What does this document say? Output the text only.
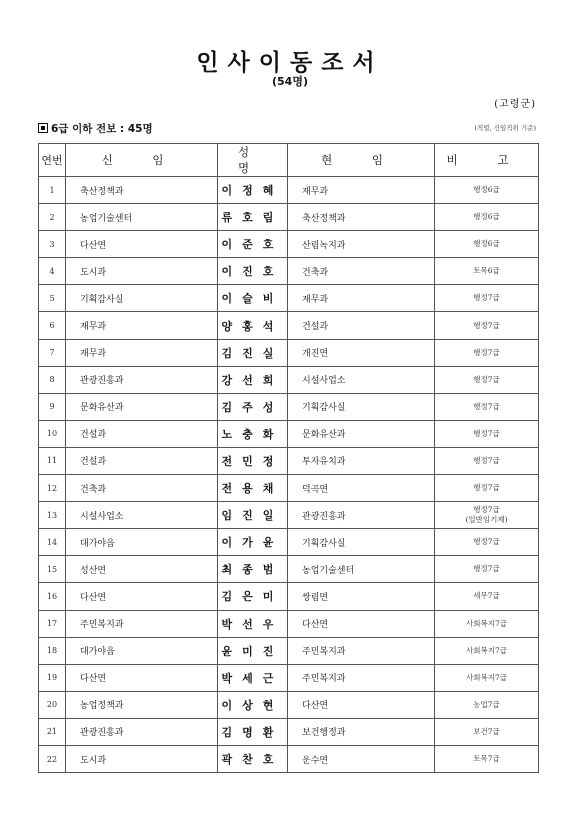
인사이동조서
(54명)
(고령군)
6급 이하 전보 : 45명	(직렬, 신임직위 기준)
연번	신 임	성 명	현 임	비 고
1	축산정책과	이정혜	재무과	행정6급
2	농업기술센터	류호림	축산정책과	행정6급
3	다산면	이준호	산림녹지과	행정6급
4	도시과	이진호	건축과	토목6급
5	기획감사실	이슬비	재무과	행정7급
6	재무과	양홍석	건설과	행정7급
7	재무과	김진실	개진면	행정7급
8	관광진흥과	강선희	시설사업소	행정7급
9	문화유산과	김주성	기획감사실	행정7급
10	건설과	노충화	문화유산과	행정7급
11	건설과	전민정	투자유치과	행정7급
12	건축과	전용채	덕곡면	행정7급
13	시설사업소	임진일	관광진흥과	행정7급
(일반임기제)

14	대가야읍	이가윤	기획감사실	행정7급
15	성산면	최종범	농업기술센터	행정7급
16	다산면	김은미	쌍림면	세무7급
17	주민복지과	박선우	다산면	사회복지7급
18	대가야읍	윤미진	주민복지과	사회복지7급
19	다산면	박세근	주민복지과	사회복지7급
20	농업정책과	이상현	다산면	농업7급
21	관광진흥과	김명환	보건행정과	보건7급
22	도시과	곽찬호	운수면	토목7급
